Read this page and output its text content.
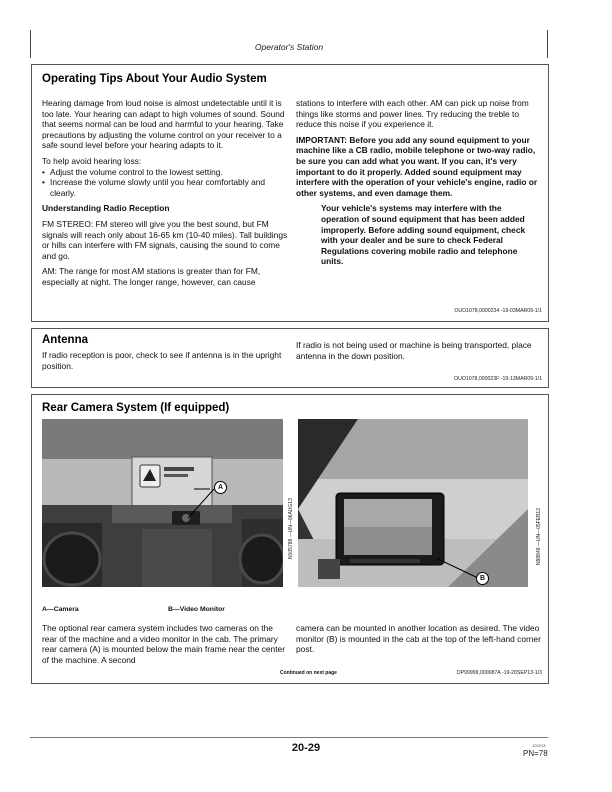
Operator's Station
Operating Tips About Your Audio System

Hearing damage from loud noise is almost undetectable until it is too late. Your hearing can adapt to high volumes of sound. Sound that seems normal can be loud and harmful to your hearing. Take precautions by adjusting the volume control on your receiver to a safe sound level before your hearing adapts to it.

To help avoid hearing loss:

• Adjust the volume control to the lowest setting.
• Increase the volume slowly until you hear comfortably and clearly.

Understanding Radio Reception

FM STEREO: FM stereo will give you the best sound, but FM signals will reach only about 16-65 km (10-40 miles). Tall buildings or hills can interfere with FM signals, causing the sound to come and go.

AM: The range for most AM stations is greater than for FM, especially at night. The longer range, however, can cause

stations to interfere with each other. AM can pick up noise from things like storms and power lines. Try reducing the treble to reduce this noise if you experience it.

IMPORTANT: Before you add any sound equipment to your machine like a CB radio, mobile telephone or two-way radio, be sure you can add what you want. If you can, it's very important to do it properly. Added sound equipment may interfere with the operation of your vehicle's engine, radio or other systems, and even damage them.

Your vehicle's systems may interfere with the operation of sound equipment that has been added improperly. Before adding sound equipment, check with your dealer and be sure to check Federal Regulations covering mobile radio and telephone units.

OUO1078,0000234 -19-03MAR09-1/1
Antenna
If radio reception is poor, check to see if antenna is in the upright position.
If radio is not being used or machine is being transported, place antenna in the down position.
OUO1078,000023F -19-13MAR09-1/1
Rear Camera System (If equipped)
A
N105788 —UN—06AUG13
B
N98849 —UN—05FEB12
A—Camera	B—Video Monitor
The optional rear camera system includes two cameras on the rear of the machine and a video monitor in the cab. The primary rear camera (A) is mounted below the main frame near the center of the machine. A second
camera can be mounted in another location as desired. The video monitor (B) is mounted in the cab at the top of the left-hand corner post.
Continued on next page	DP99999,000087A -19-20SEP13-1/3
20-29	102213
PN=78
